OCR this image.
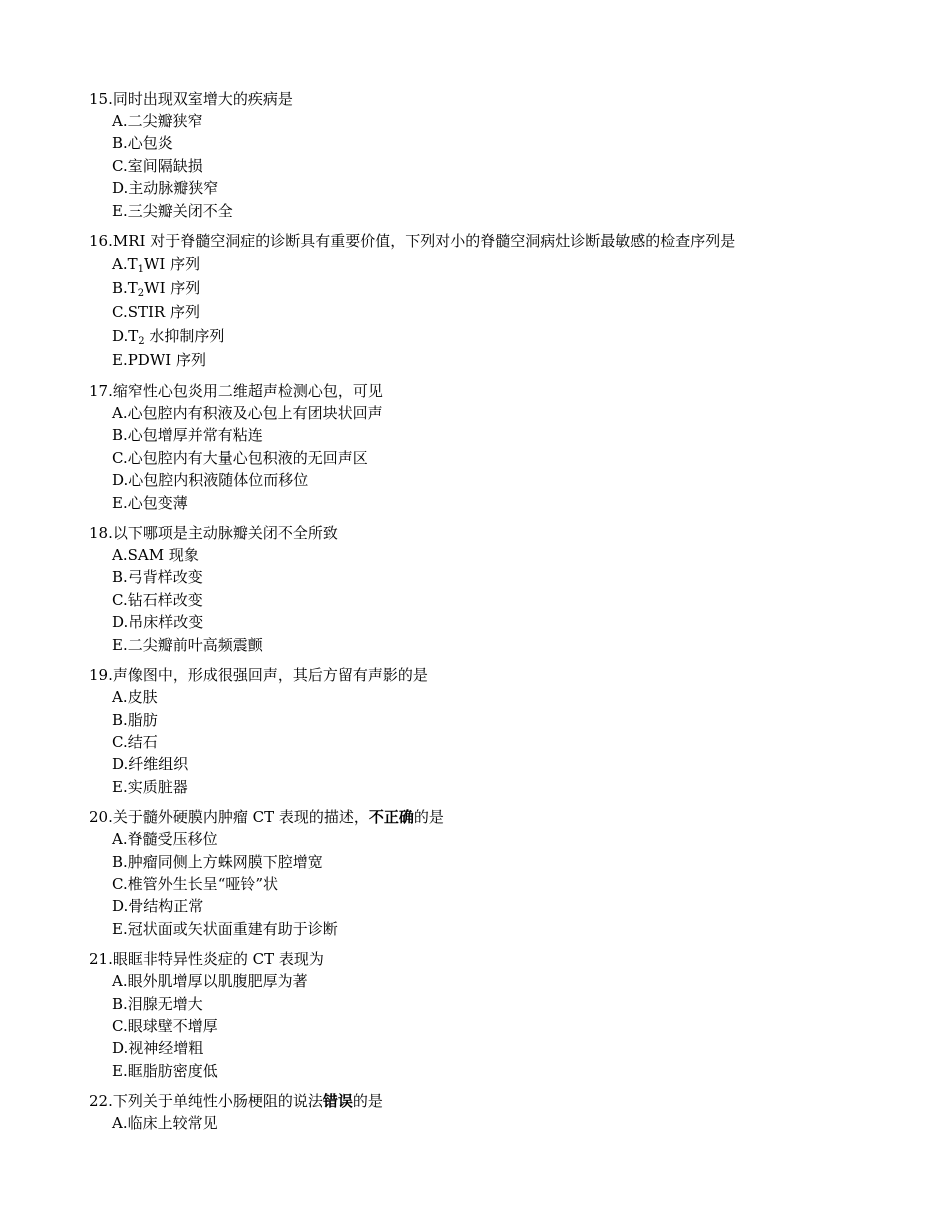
15.同时出现双室增大的疾病是
A.二尖瓣狭窄
B.心包炎
C.室间隔缺损
D.主动脉瓣狭窄
E.三尖瓣关闭不全
16.MRI 对于脊髓空洞症的诊断具有重要价值，下列对小的脊髓空洞病灶诊断最敏感的检查序列是
$A.T_1WI$ 序列
$B.T_2WI$ 序列
C.STIR 序列
$D.T_2$ 水抑制序列
E.PDWI 序列
17.缩窄性心包炎用二维超声检测心包，可见
A.心包腔内有积液及心包上有团块状回声
B.心包增厚并常有粘连
C.心包腔内有大量心包积液的无回声区
D.心包腔内积液随体位而移位
E.心包变薄
18.以下哪项是主动脉瓣关闭不全所致
A.SAM 现象
B.弓背样改变
C.钻石样改变
D.吊床样改变
E.二尖瓣前叶高频震颤
19.声像图中，形成很强回声，其后方留有声影的是
A.皮肤
B.脂肪
C.结石
D.纤维组织
E.实质脏器
20.关于髓外硬膜内肿瘤 CT 表现的描述，不正确的是
A.脊髓受压移位
B.肿瘤同侧上方蛛网膜下腔增宽
C.椎管外生长呈“哑铃”状
D.骨结构正常
E.冠状面或矢状面重建有助于诊断
21.眼眶非特异性炎症的 CT 表现为
A.眼外肌增厚以肌腹肥厚为著
B.泪腺无增大
C.眼球壁不增厚
D.视神经增粗
E.眶脂肪密度低
22.下列关于单纯性小肠梗阻的说法错误的是
A.临床上较常见
